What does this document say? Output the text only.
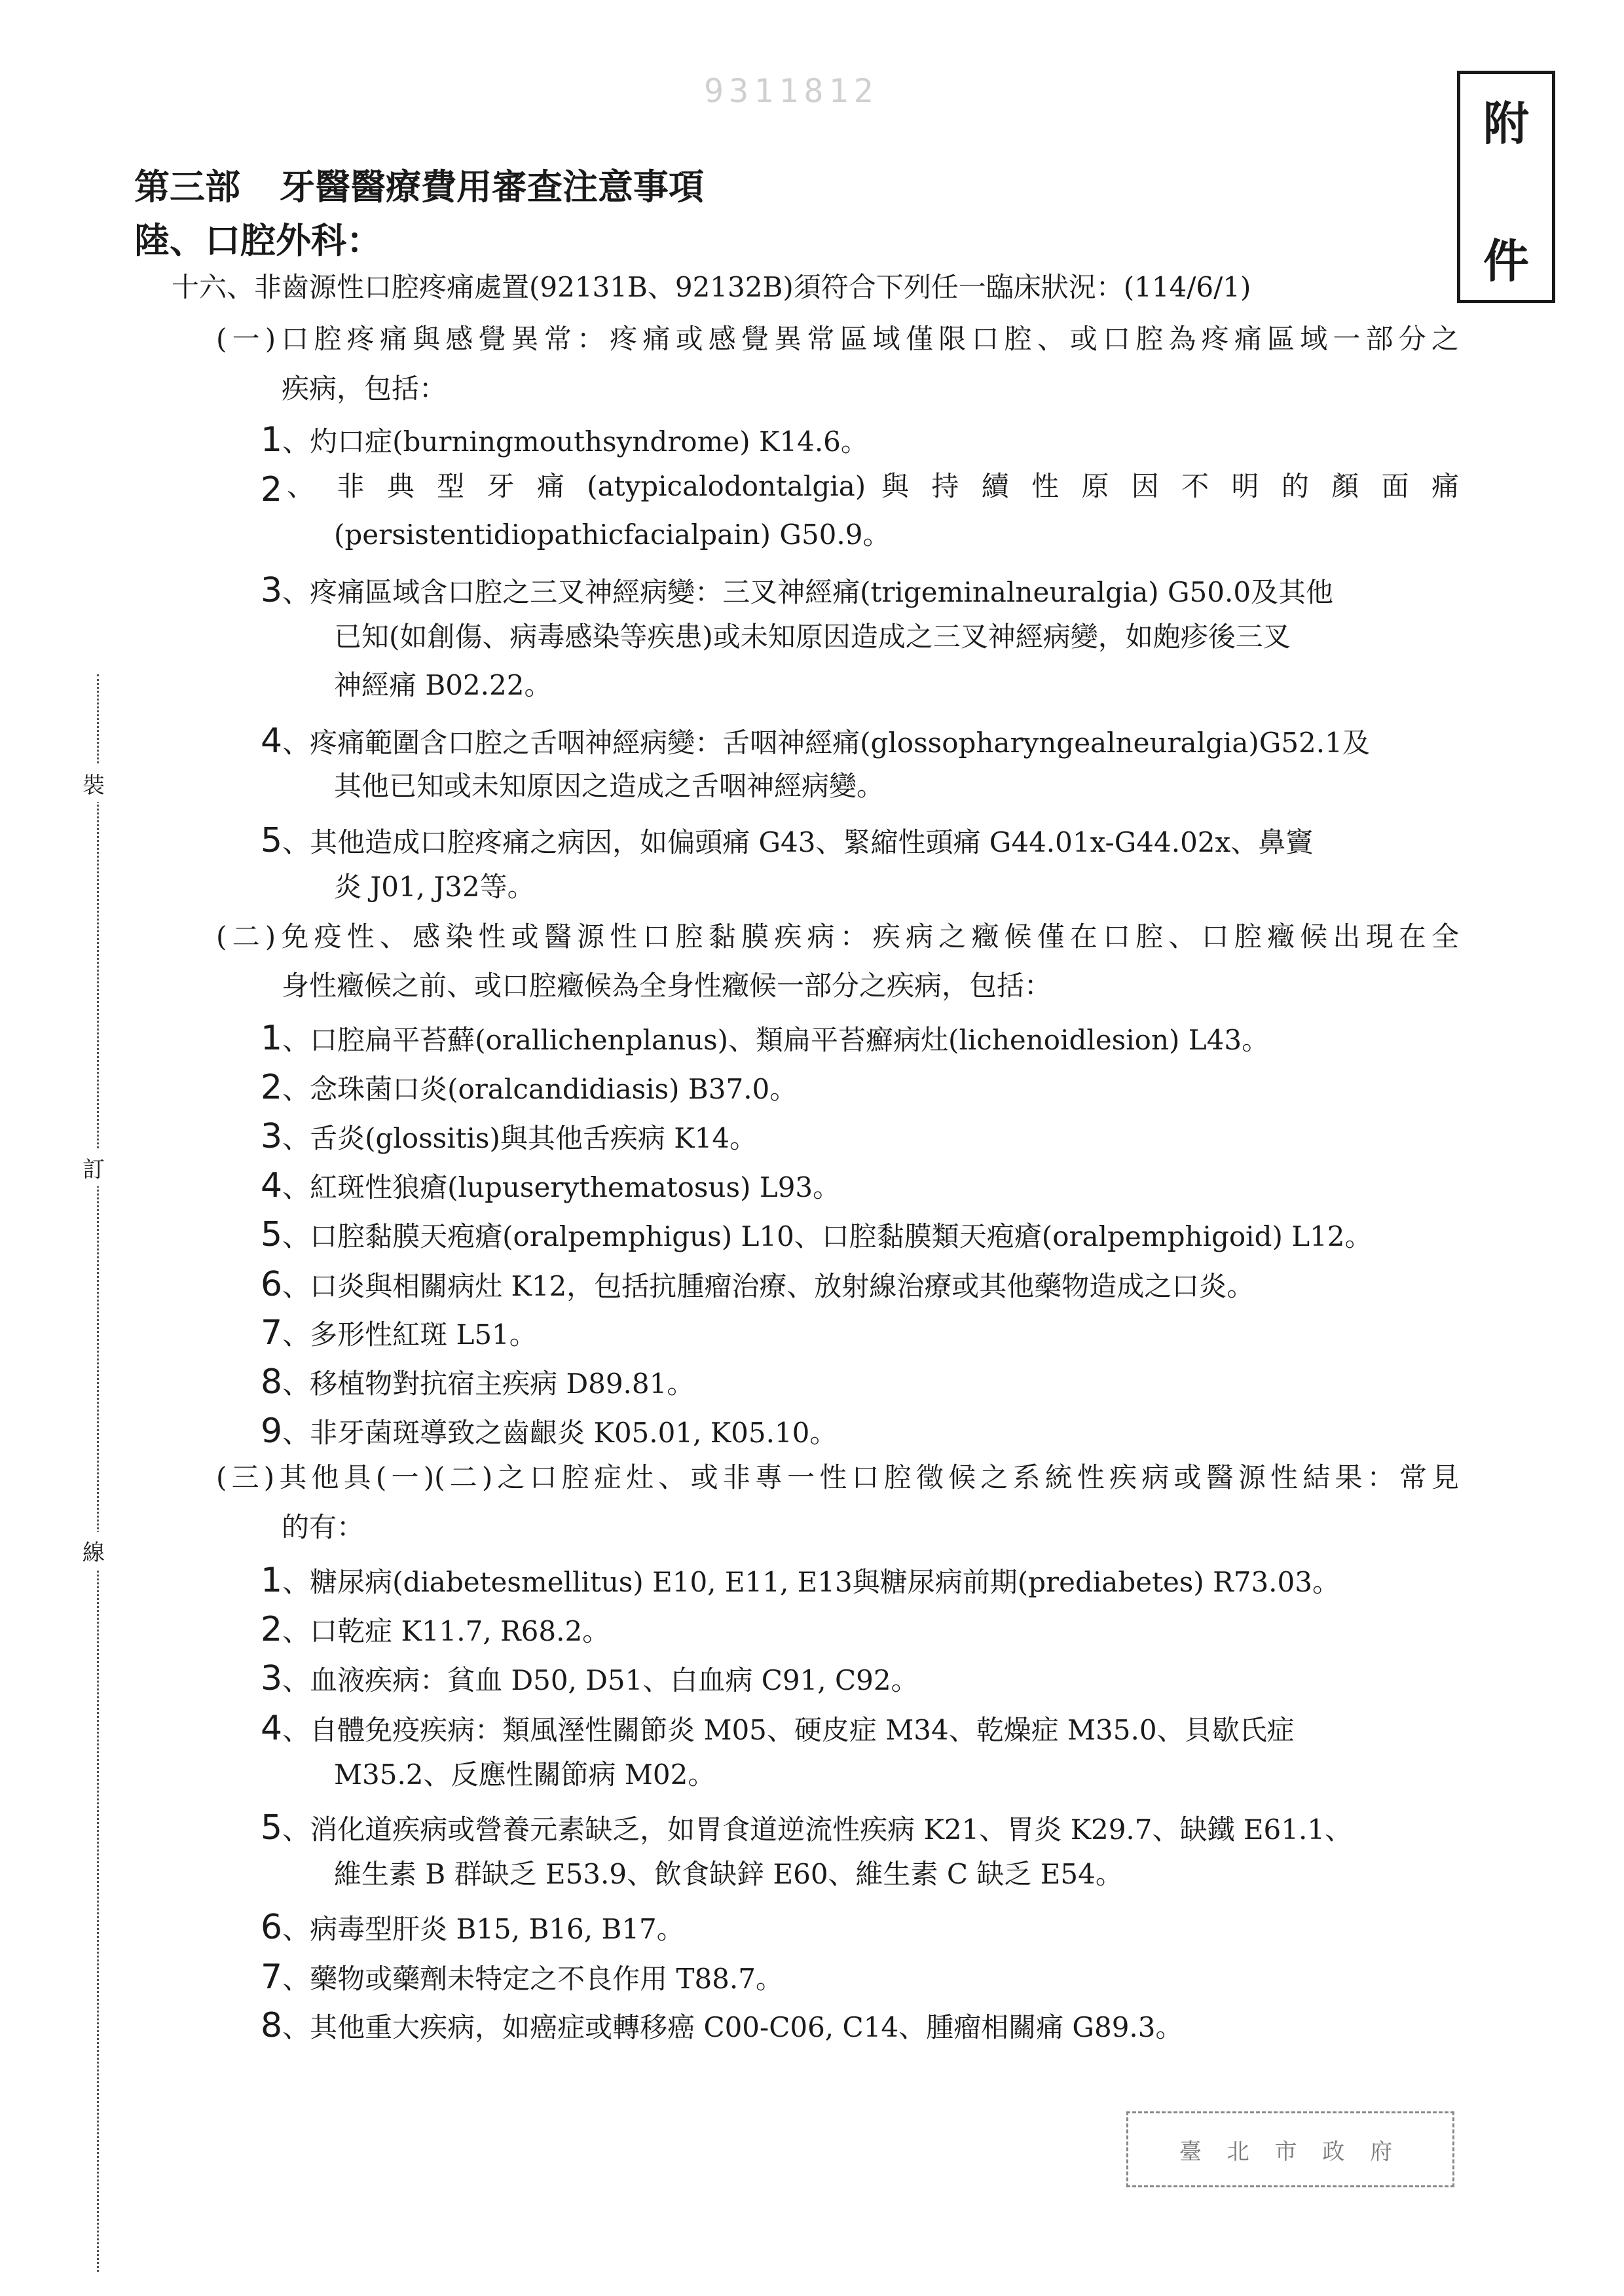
9311812
附
件
裝
訂
線
第三部 牙醫醫療費用審查注意事項
陸、口腔外科：
十六、非齒源性口腔疼痛處置(92131B、92132B)須符合下列任一臨床狀況：(114/6/1)
(一)口腔疼痛與感覺異常：疼痛或感覺異常區域僅限口腔、或口腔為疼痛區域一部分之
疾病，包括：
1、灼口症(burningmouthsyndrome) K14.6。
2 、 非 典 型 牙 痛 (atypicalodontalgia) 與 持 續 性 原 因 不 明 的 顏 面 痛
(persistentidiopathicfacialpain) G50.9。
3、疼痛區域含口腔之三叉神經病變：三叉神經痛(trigeminalneuralgia) G50.0及其他
已知(如創傷、病毒感染等疾患)或未知原因造成之三叉神經病變，如皰疹後三叉
神經痛 B02.22。
4、疼痛範圍含口腔之舌咽神經病變：舌咽神經痛(glossopharyngealneuralgia)G52.1及
其他已知或未知原因之造成之舌咽神經病變。
5、其他造成口腔疼痛之病因，如偏頭痛 G43、緊縮性頭痛 G44.01x-G44.02x、鼻竇
炎 J01, J32等。
(二)免疫性、感染性或醫源性口腔黏膜疾病：疾病之癥候僅在口腔、口腔癥候出現在全
身性癥候之前、或口腔癥候為全身性癥候一部分之疾病，包括：
1、口腔扁平苔蘚(orallichenplanus)、類扁平苔癬病灶(lichenoidlesion) L43。
2、念珠菌口炎(oralcandidiasis) B37.0。
3、舌炎(glossitis)與其他舌疾病 K14。
4、紅斑性狼瘡(lupuserythematosus) L93。
5、口腔黏膜天疱瘡(oralpemphigus) L10、口腔黏膜類天疱瘡(oralpemphigoid) L12。
6、口炎與相關病灶 K12，包括抗腫瘤治療、放射線治療或其他藥物造成之口炎。
7、多形性紅斑 L51。
8、移植物對抗宿主疾病 D89.81。
9、非牙菌斑導致之齒齦炎 K05.01, K05.10。
(三)其他具(一)(二)之口腔症灶、或非專一性口腔徵候之系統性疾病或醫源性結果：常見
的有：
1、糖尿病(diabetesmellitus) E10, E11, E13與糖尿病前期(prediabetes) R73.03。
2、口乾症 K11.7, R68.2。
3、血液疾病：貧血 D50, D51、白血病 C91, C92。
4、自體免疫疾病：類風溼性關節炎 M05、硬皮症 M34、乾燥症 M35.0、貝歇氏症
M35.2、反應性關節病 M02。
5、消化道疾病或營養元素缺乏，如胃食道逆流性疾病 K21、胃炎 K29.7、缺鐵 E61.1、
維生素 B 群缺乏 E53.9、飲食缺鋅 E60、維生素 C 缺乏 E54。
6、病毒型肝炎 B15, B16, B17。
7、藥物或藥劑未特定之不良作用 T88.7。
8、其他重大疾病，如癌症或轉移癌 C00-C06, C14、腫瘤相關痛 G89.3。
臺 北 市 政 府
